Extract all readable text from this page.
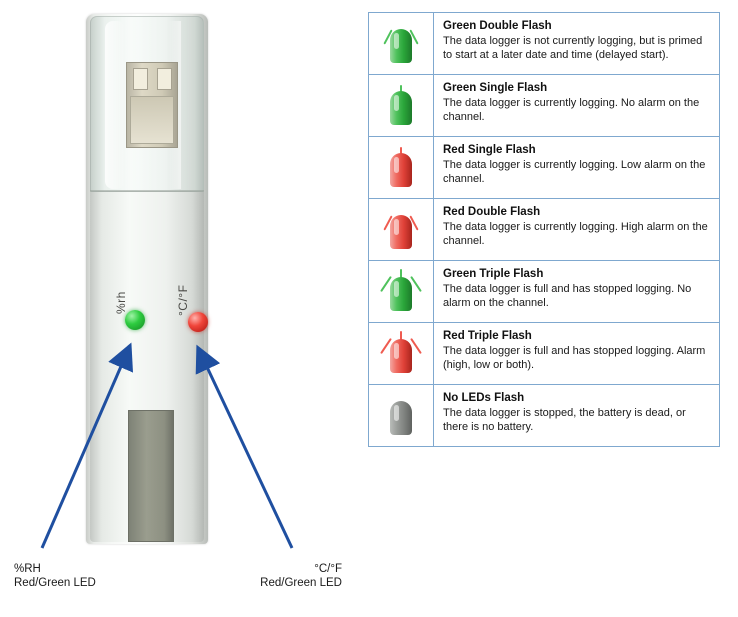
%rh	°C/°F
%RH
Red/Green LED
°C/°F
Red/Green LED

Green Double Flash

The data logger is not currently logging, but is primed to start at a later date and time (delayed start).

Green Single Flash

The data logger is currently logging. No alarm on the channel.

Red Single Flash

The data logger is currently logging. Low alarm on the channel.

Red Double Flash

The data logger is currently logging. High alarm on the channel.

Green Triple Flash

The data logger is full and has stopped logging. No alarm on the channel.

Red Triple Flash

The data logger is full and has stopped logging. Alarm (high, low or both).

No LEDs Flash

The data logger is stopped, the battery is dead, or there is no battery.
